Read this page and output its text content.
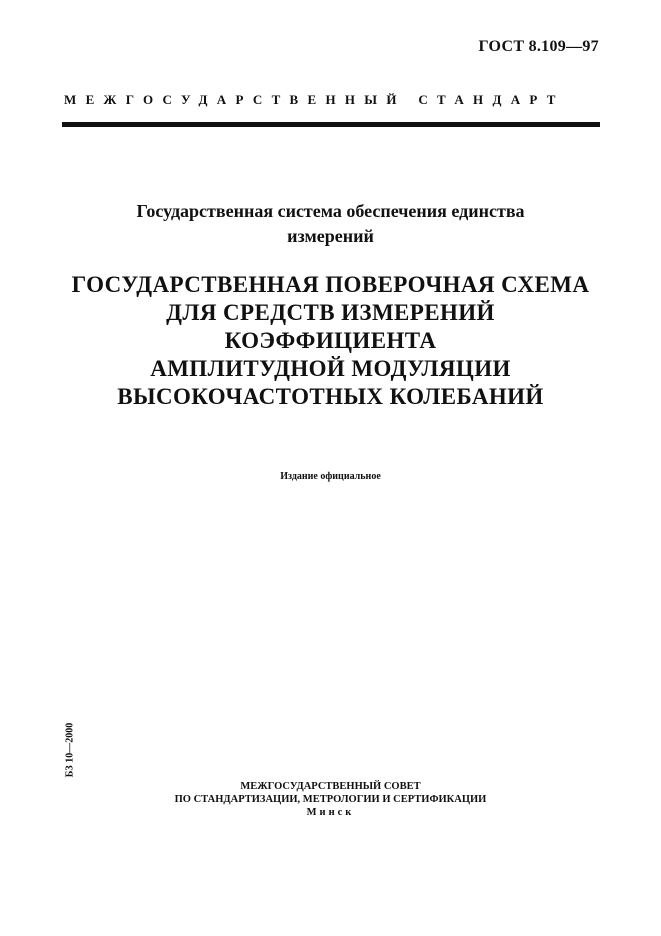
ГОСТ 8.109—97
МЕЖГОСУДАРСТВЕННЫЙ СТАНДАРТ
Государственная система обеспечения единства
измерений
ГОСУДАРСТВЕННАЯ ПОВЕРОЧНАЯ СХЕМА
ДЛЯ СРЕДСТВ ИЗМЕРЕНИЙ
КОЭФФИЦИЕНТА
АМПЛИТУДНОЙ МОДУЛЯЦИИ
ВЫСОКОЧАСТОТНЫХ КОЛЕБАНИЙ
Издание официальное
БЗ 10—2000
МЕЖГОСУДАРСТВЕННЫЙ СОВЕТ
ПО СТАНДАРТИЗАЦИИ, МЕТРОЛОГИИ И СЕРТИФИКАЦИИ
Минск
